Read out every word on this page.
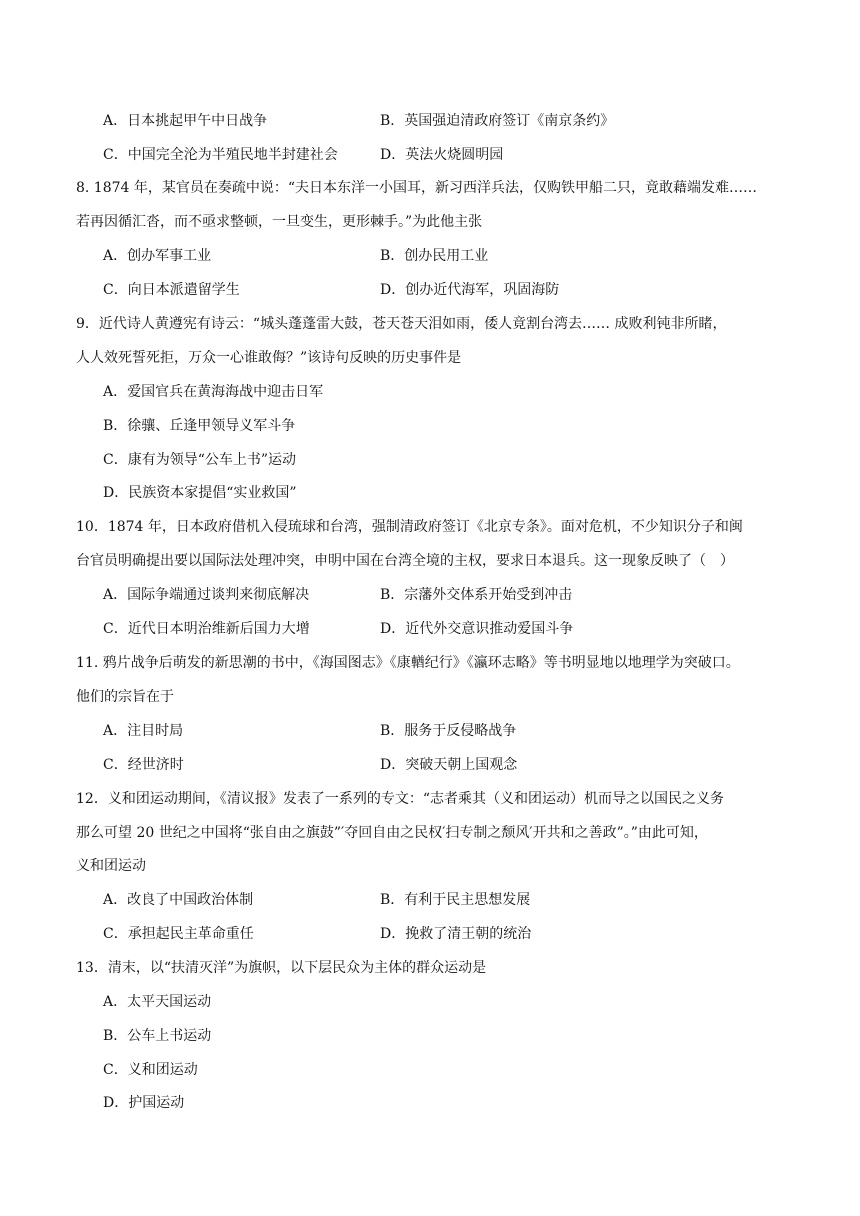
A．日本挑起甲午中日战争	B．英国强迫清政府签订《南京条约》
C．中国完全沦为半殖民地半封建社会	D．英法火烧圆明园
8. 1874 年，某官员在奏疏中说：“夫日本东洋一小国耳，新习西洋兵法，仅购铁甲船二只，竟敢藉端发难……
若再因循汇沓，而不亟求整顿，一旦变生，更形棘手。”为此他主张
A．创办军事工业	B．创办民用工业
C．向日本派遣留学生	D．创办近代海军，巩固海防
9．近代诗人黄遵宪有诗云：“城头蓬蓬雷大鼓，苍天苍天泪如雨，倭人竟割台湾去…… 成败利钝非所睹，
人人效死誓死拒，万众一心谁敢侮？”该诗句反映的历史事件是
A．爱国官兵在黄海海战中迎击日军
B．徐骧、丘逢甲领导义军斗争
C．康有为领导“公车上书”运动
D．民族资本家提倡“实业救国”
10．1874 年，日本政府借机入侵琉球和台湾，强制清政府签订《北京专条》。面对危机，不少知识分子和闽
台官员明确提出要以国际法处理冲突，申明中国在台湾全境的主权，要求日本退兵。这一现象反映了（　）
A．国际争端通过谈判来彻底解决	B．宗藩外交体系开始受到冲击
C．近代日本明治维新后国力大增	D．近代外交意识推动爱国斗争
11. 鸦片战争后萌发的新思潮的书中，《海国图志》《康輶纪行》《瀛环志略》等书明显地以地理学为突破口。
他们的宗旨在于
A．注目时局	B．服务于反侵略战争
C．经世济时	D．突破天朝上国观念
12．义和团运动期间，《清议报》发表了一系列的专文：“志者乘其（义和团运动）机而导之以国民之义务
那么可望 20 世纪之中国将“张自由之旗鼓”′夺回自由之民权′扫专制之颓风′开共和之善政”。”由此可知，
义和团运动
A．改良了中国政治体制	B．有利于民主思想发展
C．承担起民主革命重任	D．挽救了清王朝的统治
13．清末，以“扶清灭洋”为旗帜，以下层民众为主体的群众运动是
A．太平天国运动
B．公车上书运动
C．义和团运动
D．护国运动
